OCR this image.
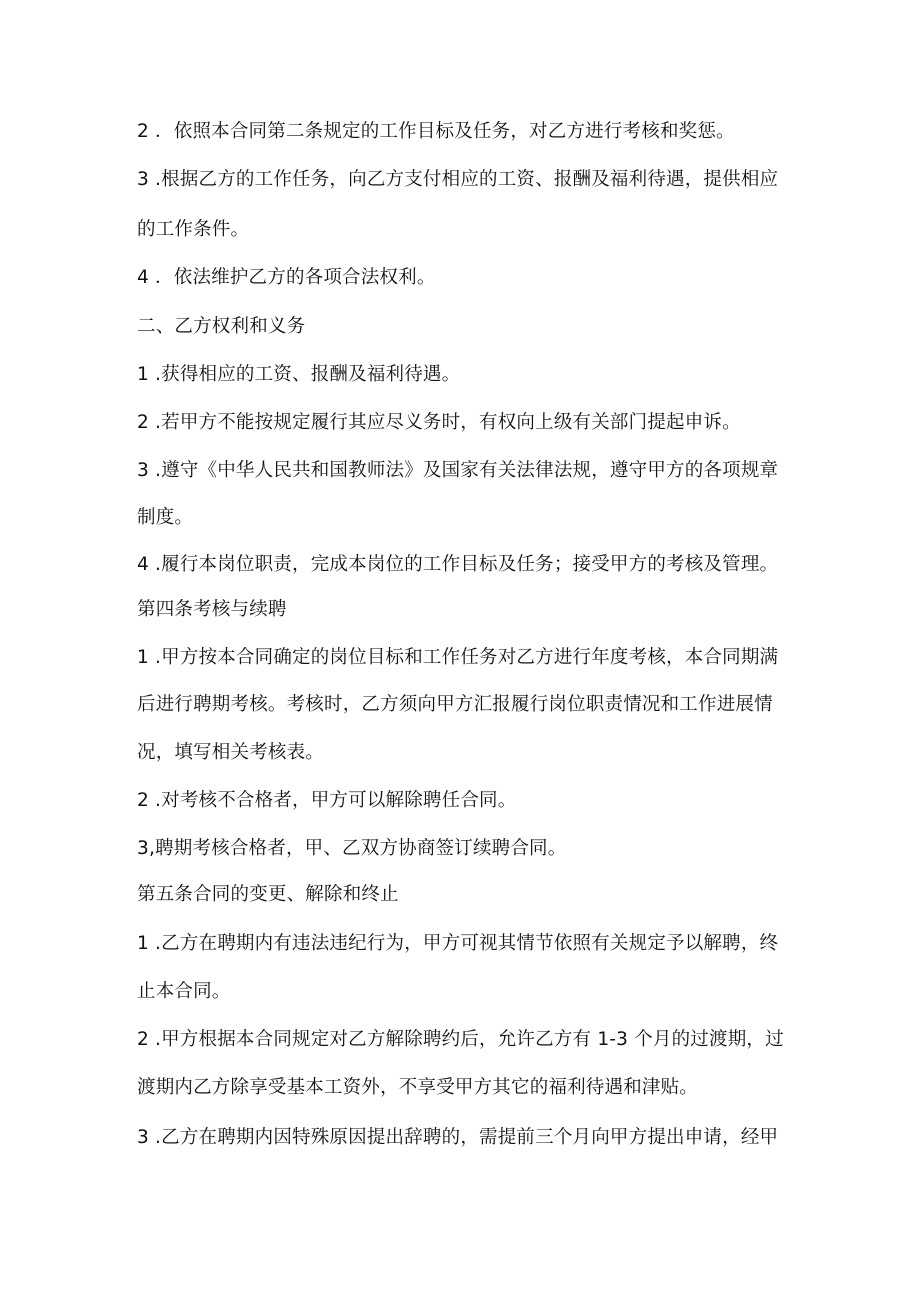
2 ．依照本合同第二条规定的工作目标及任务，对乙方进行考核和奖惩。
3 .根据乙方的工作任务，向乙方支付相应的工资、报酬及福利待遇，提供相应
的工作条件。
4 ．依法维护乙方的各项合法权利。
二、乙方权利和义务
1 .获得相应的工资、报酬及福利待遇。
2 .若甲方不能按规定履行其应尽义务时，有权向上级有关部门提起申诉。
3 .遵守《中华人民共和国教师法》及国家有关法律法规，遵守甲方的各项规章
制度。
4 .履行本岗位职责，完成本岗位的工作目标及任务；接受甲方的考核及管理。
第四条考核与续聘
1 .甲方按本合同确定的岗位目标和工作任务对乙方进行年度考核，本合同期满
后进行聘期考核。考核时，乙方须向甲方汇报履行岗位职责情况和工作进展情
况，填写相关考核表。
2 .对考核不合格者，甲方可以解除聘任合同。
3,聘期考核合格者，甲、乙双方协商签订续聘合同。
第五条合同的变更、解除和终止
1 .乙方在聘期内有违法违纪行为，甲方可视其情节依照有关规定予以解聘，终
止本合同。
2 .甲方根据本合同规定对乙方解除聘约后，允许乙方有 1-3 个月的过渡期，过
渡期内乙方除享受基本工资外，不享受甲方其它的福利待遇和津贴。
3 .乙方在聘期内因特殊原因提出辞聘的，需提前三个月向甲方提出申请，经甲
